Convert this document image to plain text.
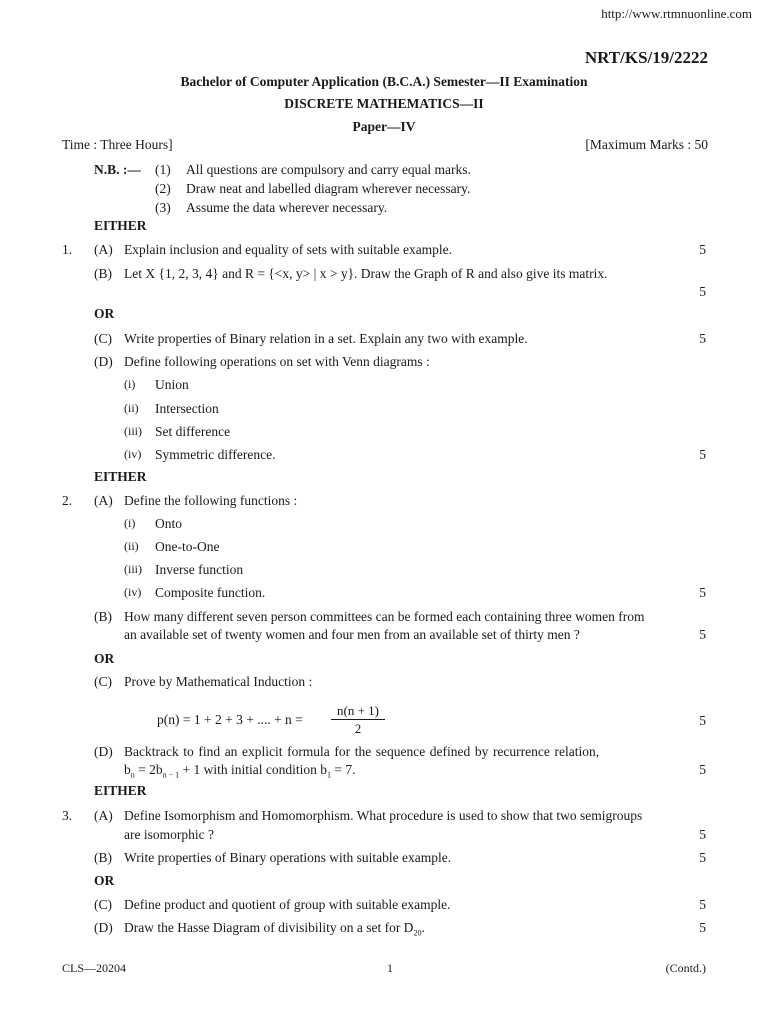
http://www.rtmnuonline.com
NRT/KS/19/2222
Bachelor of Computer Application (B.C.A.) Semester—II Examination
DISCRETE MATHEMATICS—II
Paper—IV
Time : Three Hours]	[Maximum Marks : 50
N.B. :— (1) All questions are compulsory and carry equal marks.
(2) Draw neat and labelled diagram wherever necessary.
(3) Assume the data wherever necessary.
EITHER
1. (A) Explain inclusion and equality of sets with suitable example.	5
(B) Let X {1, 2, 3, 4} and R = {<x, y> | x > y}. Draw the Graph of R and also give its matrix.
5
OR
(C) Write properties of Binary relation in a set. Explain any two with example.	5
(D) Define following operations on set with Venn diagrams :
(i) Union
(ii) Intersection
(iii) Set difference
(iv) Symmetric difference.	5
EITHER
2. (A) Define the following functions :
(i) Onto
(ii) One-to-One
(iii) Inverse function
(iv) Composite function.	5
(B) How many different seven person committees can be formed each containing three women from
an available set of twenty women and four men from an available set of thirty men ?	5
OR
(C) Prove by Mathematical Induction :
p(n) = 1 + 2 + 3 + .... + n =
n(n + 1)
2
5
(D) Backtrack to find an explicit formula for the sequence defined by recurrence relation,
$b_n = 2b_{n - 1} + 1$ with initial condition $b_1 = 7$.	5
EITHER
3. (A) Define Isomorphism and Homomorphism. What procedure is used to show that two semigroups
are isomorphic ?	5
(B) Write properties of Binary operations with suitable example.	5
OR
(C) Define product and quotient of group with suitable example.	5
(D) Draw the Hasse Diagram of divisibility on a set for $D_{20}$.	5
CLS—20204	1	(Contd.)
